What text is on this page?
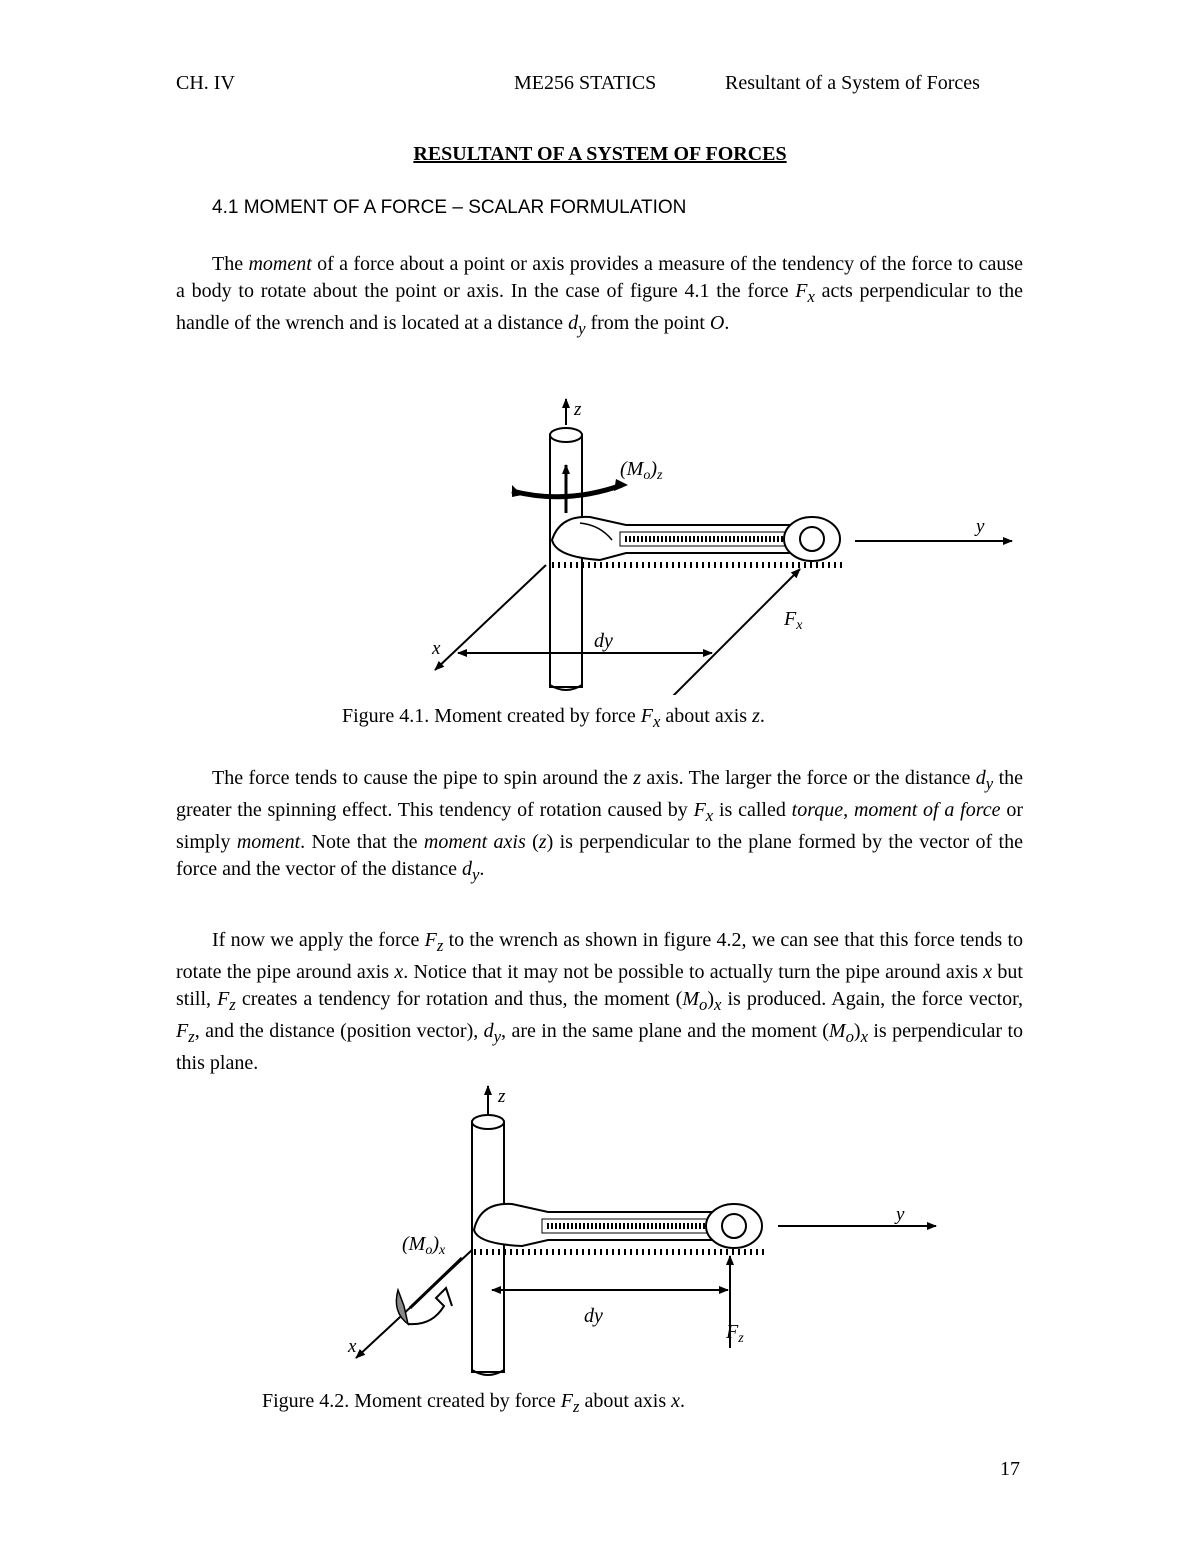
CH. IV	ME256 STATICS	Resultant of a System of Forces
RESULTANT OF A SYSTEM OF FORCES
4.1 MOMENT OF A FORCE – SCALAR FORMULATION

The moment of a force about a point or axis provides a measure of the tendency of the force to cause a body to rotate about the point or axis. In the case of figure 4.1 the force $F_x$ acts perpendicular to the handle of the wrench and is located at a distance $d_y$ from the point O.

z
$(M_o)_z$
y
x	dy
$F_x$
Figure 4.1. Moment created by force $F_x$ about axis z.

The force tends to cause the pipe to spin around the z axis. The larger the force or the distance $d_y$ the greater the spinning effect. This tendency of rotation caused by $F_x$ is called torque, moment of a force or simply moment. Note that the moment axis (z) is perpendicular to the plane formed by the vector of the force and the vector of the distance $d_y$.

If now we apply the force $F_z$ to the wrench as shown in figure 4.2, we can see that this force tends to rotate the pipe around axis x. Notice that it may not be possible to actually turn the pipe around axis x but still, $F_z$ creates a tendency for rotation and thus, the moment $(M_o)_x$ is produced. Again, the force vector, $F_z$, and the distance (position vector), $d_y$, are in the same plane and the moment $(M_o)_x$ is perpendicular to this plane.

z
y
x
dy
$F_z$
$(M_o)_x$
Figure 4.2. Moment created by force $F_z$ about axis x.
17
